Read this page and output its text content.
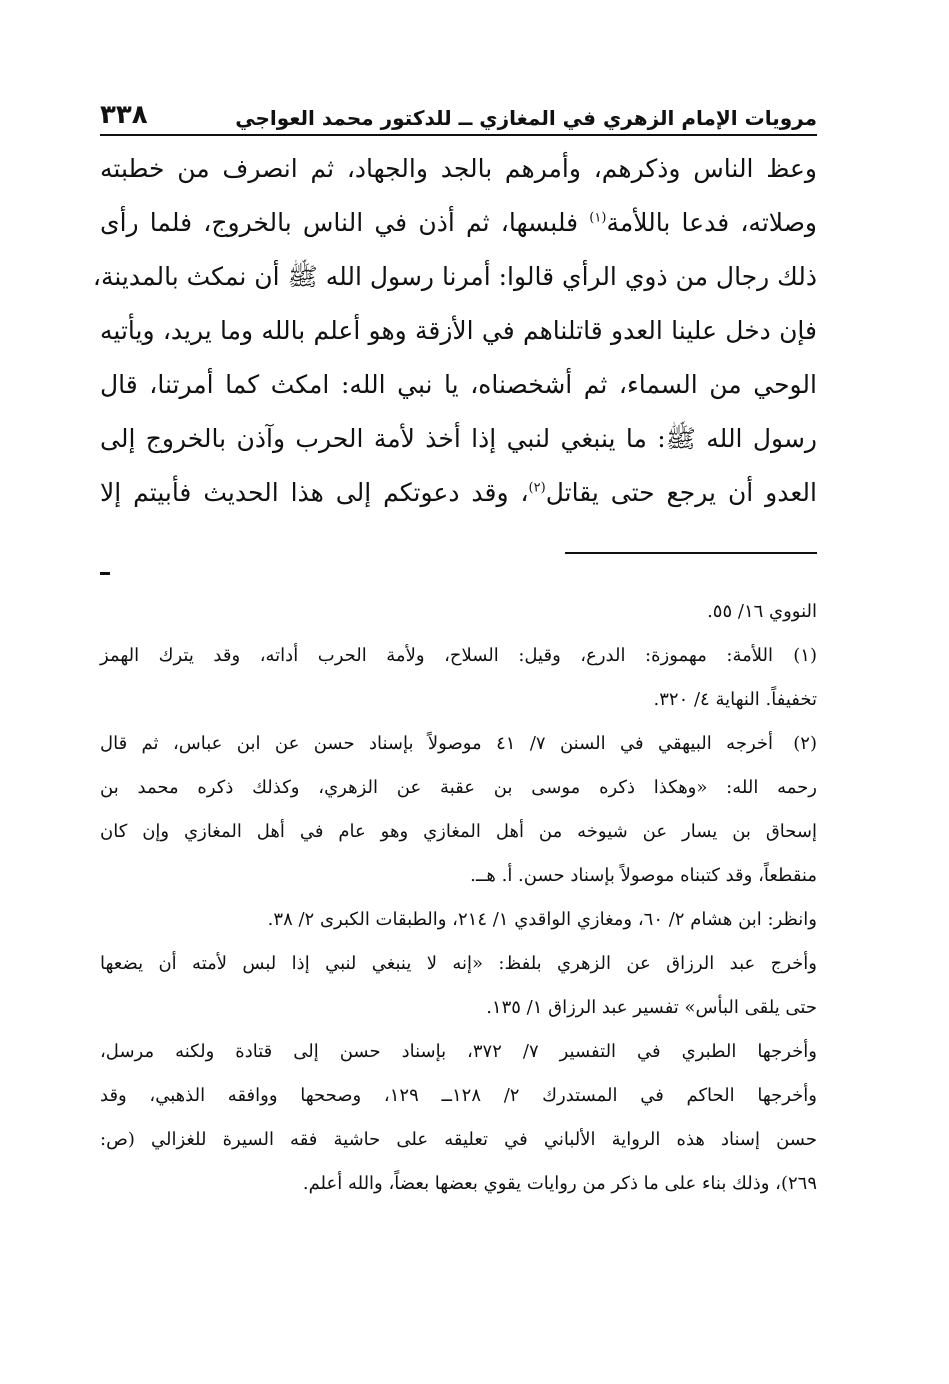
مرويات الإمام الزهري في المغازي ــ للدكتور محمد العواجي
٣٣٨
وعظ الناس وذكرهم، وأمرهم بالجد والجهاد، ثم انصرف من خطبته
وصلاته، فدعا باللأمة$^{(١)}$ فلبسها، ثم أذن في الناس بالخروج، فلما رأى
ذلك رجال من ذوي الرأي قالوا: أمرنا رسول الله ﷺ أن نمكث بالمدينة،
فإن دخل علينا العدو قاتلناهم في الأزقة وهو أعلم بالله وما يريد، ويأتيه
الوحي من السماء، ثم أشخصناه، يا نبي الله: امكث كما أمرتنا، قال
رسول الله ﷺ: ما ينبغي لنبي إذا أخذ لأمة الحرب وآذن بالخروج إلى
العدو أن يرجع حتى يقاتل$^{(٢)}$، وقد دعوتكم إلى هذا الحديث فأبيتم إلا
النووي ١٦/ ٥٥.
(١)
اللأمة: مهموزة: الدرع، وقيل: السلاح، ولأمة الحرب أداته، وقد يترك الهمز
تخفيفاً. النهاية ٤/ ٣٢٠.
(٢)
أخرجه البيهقي في السنن ٧/ ٤١ موصولاً بإسناد حسن عن ابن عباس، ثم قال
رحمه الله: «وهكذا ذكره موسى بن عقبة عن الزهري، وكذلك ذكره محمد بن
إسحاق بن يسار عن شيوخه من أهل المغازي وهو عام في أهل المغازي وإن كان
منقطعاً، وقد كتبناه موصولاً بإسناد حسن. أ. هــ.
وانظر: ابن هشام ٢/ ٦٠، ومغازي الواقدي ١/ ٢١٤، والطبقات الكبرى ٢/ ٣٨.
وأخرج عبد الرزاق عن الزهري بلفظ: «إنه لا ينبغي لنبي إذا لبس لأمته أن يضعها
حتى يلقى البأس» تفسير عبد الرزاق ١/ ١٣٥.
وأخرجها الطبري في التفسير ٧/ ٣٧٢، بإسناد حسن إلى قتادة ولكنه مرسل،
وأخرجها الحاكم في المستدرك ٢/ ١٢٨ــ ١٢٩، وصححها ووافقه الذهبي، وقد
حسن إسناد هذه الرواية الألباني في تعليقه على حاشية فقه السيرة للغزالي (ص:
٢٦٩)، وذلك بناء على ما ذكر من روايات يقوي بعضها بعضاً، والله أعلم.
